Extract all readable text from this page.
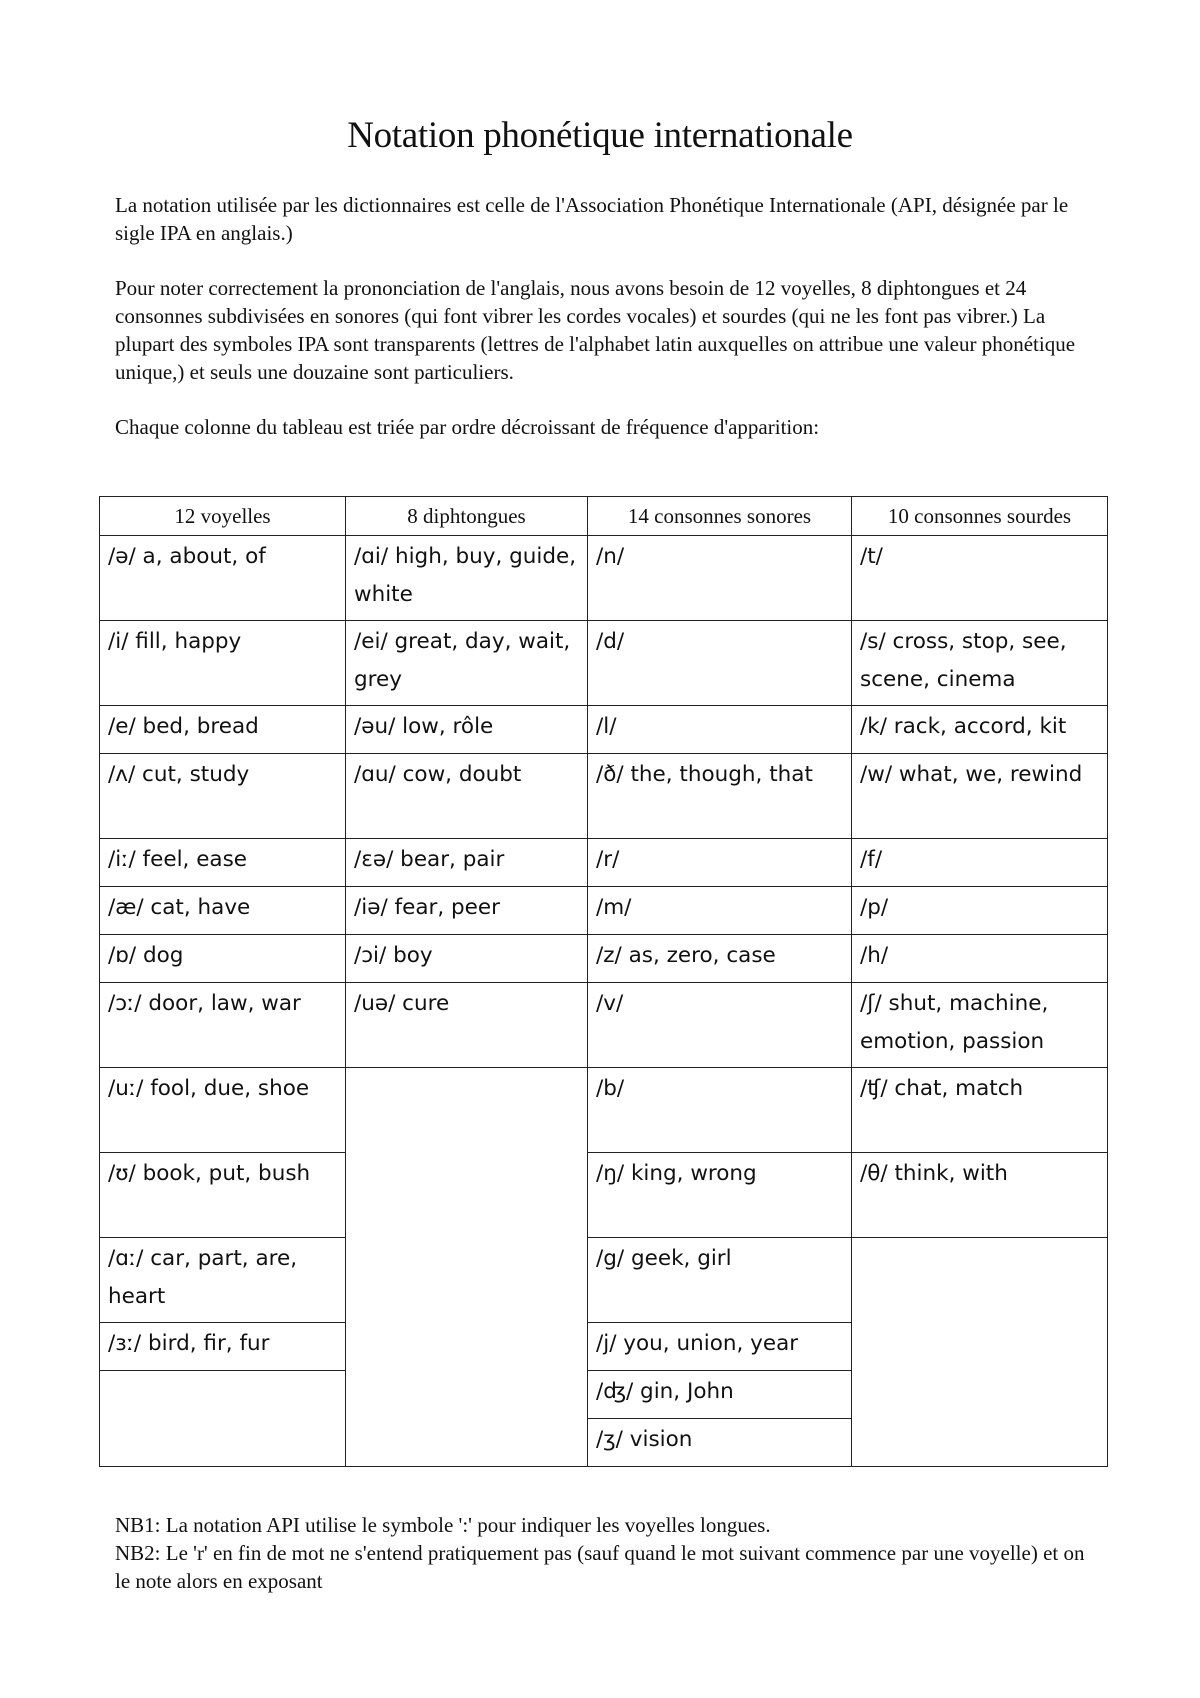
Notation phonétique internationale

La notation utilisée par les dictionnaires est celle de l'Association Phonétique Internationale (API, désignée par le sigle IPA en anglais.)

Pour noter correctement la prononciation de l'anglais, nous avons besoin de 12 voyelles, 8 diphtongues et 24 consonnes subdivisées en sonores (qui font vibrer les cordes vocales) et sourdes (qui ne les font pas vibrer.) La plupart des symboles IPA sont transparents (lettres de l'alphabet latin auxquelles on attribue une valeur phonétique unique,) et seuls une douzaine sont particuliers.

Chaque colonne du tableau est triée par ordre décroissant de fréquence d'apparition:

12 voyelles	8 diphtongues	14 consonnes sonores	10 consonnes sourdes
/ə/ a, about, of	/ɑi/ high, buy, guide, white	/n/	/t/
/i/ fill, happy	/ei/ great, day, wait, grey	/d/	/s/ cross, stop, see, scene, cinema
/e/ bed, bread	/əu/ low, rôle	/l/	/k/ rack, accord, kit
/ʌ/ cut, study	/ɑu/ cow, doubt	/ð/ the, though, that	/w/ what, we, rewind
/iː/ feel, ease	/ɛə/ bear, pair	/r/	/f/
/æ/ cat, have	/iə/ fear, peer	/m/	/p/
/ɒ/ dog	/ɔi/ boy	/z/ as, zero, case	/h/
/ɔː/ door, law, war	/uə/ cure	/v/	/ʃ/ shut, machine, emotion, passion
/uː/ fool, due, shoe		/b/	/ʧ/ chat, match
/ʊ/ book, put, bush		/ŋ/ king, wrong	/θ/ think, with
/ɑː/ car, part, are, heart		/g/ geek, girl	
/ɜː/ bird, fir, fur		/j/ you, union, year	
		/ʤ/ gin, John	
		/ʒ/ vision	
NB1: La notation API utilise le symbole ':' pour indiquer les voyelles longues.
NB2: Le 'r' en fin de mot ne s'entend pratiquement pas (sauf quand le mot suivant commence par une voyelle) et on le note alors en exposant
